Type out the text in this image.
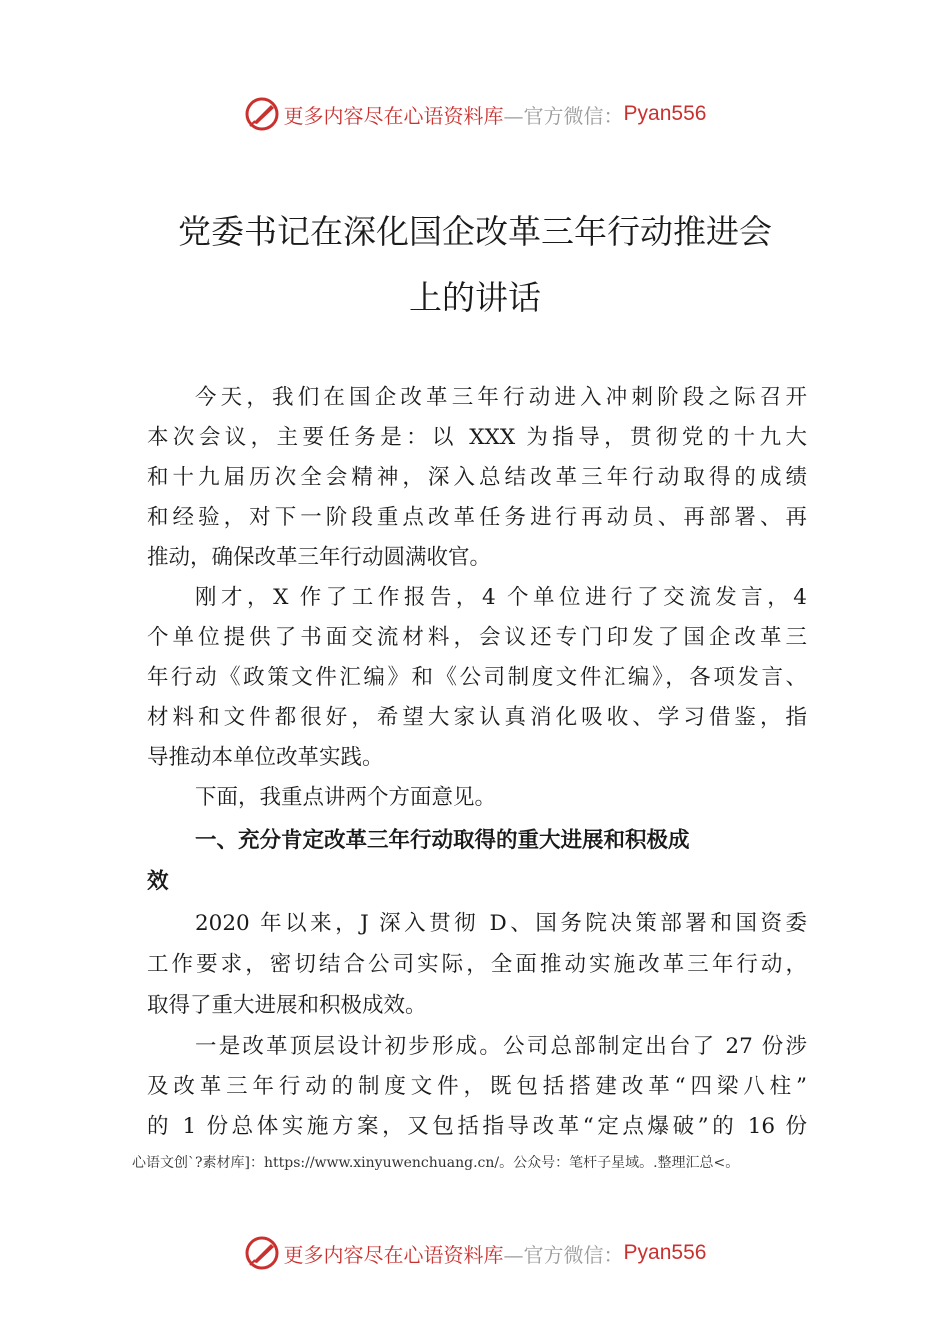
更多内容尽在心语资料库 —官方微信： Pyan556
党委书记在深化国企改革三年行动推进会
上的讲话
今天，我们在国企改革三年行动进入冲刺阶段之际召开
本次会议，主要任务是：以 XXX 为指导，贯彻党的十九大
和十九届历次全会精神，深入总结改革三年行动取得的成绩
和经验，对下一阶段重点改革任务进行再动员、再部署、再
推动，确保改革三年行动圆满收官。
刚才，X 作了工作报告，4 个单位进行了交流发言，4
个单位提供了书面交流材料，会议还专门印发了国企改革三
年行动《政策文件汇编》和《公司制度文件汇编》，各项发言、
材料和文件都很好，希望大家认真消化吸收、学习借鉴，指
导推动本单位改革实践。
下面，我重点讲两个方面意见。
一、充分肯定改革三年行动取得的重大进展和积极成
效
2020 年以来，J 深入贯彻 D、国务院决策部署和国资委
工作要求，密切结合公司实际，全面推动实施改革三年行动，
取得了重大进展和积极成效。
一是改革顶层设计初步形成。公司总部制定出台了 27 份涉
及改革三年行动的制度文件，既包括搭建改革“四梁八柱”
的 1 份总体实施方案，又包括指导改革“定点爆破”的 16 份
心语文创`?素材库]：https://www.xinyuwenchuang.cn/。公众号：笔杆子星域。.整理汇总<。
更多内容尽在心语资料库 —官方微信： Pyan556
